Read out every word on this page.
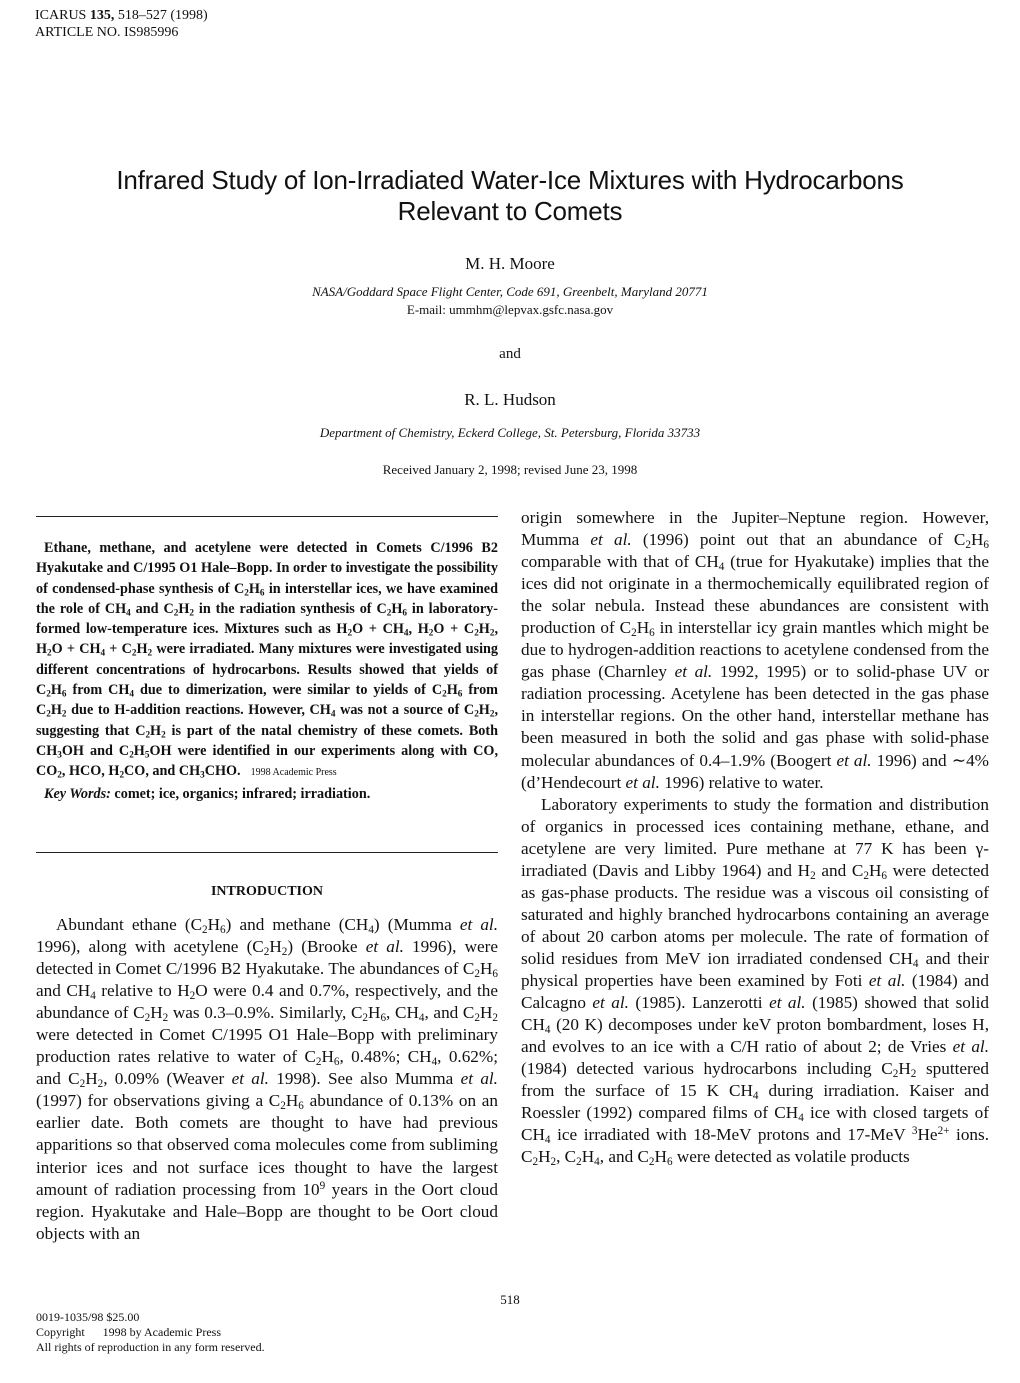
ICARUS 135, 518–527 (1998)
ARTICLE NO. IS985996
Infrared Study of Ion-Irradiated Water-Ice Mixtures with Hydrocarbons
Relevant to Comets
M. H. Moore
NASA/Goddard Space Flight Center, Code 691, Greenbelt, Maryland 20771
E-mail: ummhm@lepvax.gsfc.nasa.gov
and
R. L. Hudson
Department of Chemistry, Eckerd College, St. Petersburg, Florida 33733
Received January 2, 1998; revised June 23, 1998

Ethane, methane, and acetylene were detected in Comets C/1996 B2 Hyakutake and C/1995 O1 Hale–Bopp. In order to investigate the possibility of condensed-phase synthesis of $C_2H_6$ in interstellar ices, we have examined the role of $CH_4$ and $C_2H_2$ in the radiation synthesis of $C_2H_6$ in laboratory-formed low-temperature ices. Mixtures such as $H_2O + CH_4$, $H_2O + C_2H_2$, $H_2O + CH_4 + C_2H_2$ were irradiated. Many mixtures were investigated using different concentrations of hydrocarbons. Results showed that yields of $C_2H_6$ from $CH_4$ due to dimerization, were similar to yields of $C_2H_6$ from $C_2H_2$ due to H-addition reactions. However, $CH_4$ was not a source of $C_2H_2$, suggesting that $C_2H_2$ is part of the natal chemistry of these comets. Both $CH_3OH$ and $C_2H_5OH$ were identified in our experiments along with CO, $CO_2$, HCO, $H_2CO$, and $CH_3CHO$. 1998 Academic Press

Key Words: comet; ice, organics; infrared; irradiation.

INTRODUCTION

Abundant ethane $(C_2H_6)$ and methane $(CH_4)$ (Mumma et al. 1996), along with acetylene $(C_2H_2)$ (Brooke et al. 1996), were detected in Comet C/1996 B2 Hyakutake. The abundances of $C_2H_6$ and $CH_4$ relative to $H_2O$ were 0.4 and 0.7%, respectively, and the abundance of $C_2H_2$ was 0.3–0.9%. Similarly, $C_2H_6$, $CH_4$, and $C_2H_2$ were detected in Comet C/1995 O1 Hale–Bopp with preliminary production rates relative to water of $C_2H_6$, 0.48%; $CH_4$, 0.62%; and $C_2H_2$, 0.09% (Weaver et al. 1998). See also Mumma et al. (1997) for observations giving a $C_2H_6$ abundance of 0.13% on an earlier date. Both comets are thought to have had previous apparitions so that observed coma molecules come from subliming interior ices and not surface ices thought to have the largest amount of radiation processing from $10^9$ years in the Oort cloud region. Hyakutake and Hale–Bopp are thought to be Oort cloud objects with an

origin somewhere in the Jupiter–Neptune region. However, Mumma et al. (1996) point out that an abundance of $C_2H_6$ comparable with that of $CH_4$ (true for Hyakutake) implies that the ices did not originate in a thermochemically equilibrated region of the solar nebula. Instead these abundances are consistent with production of $C_2H_6$ in interstellar icy grain mantles which might be due to hydrogen-addition reactions to acetylene condensed from the gas phase (Charnley et al. 1992, 1995) or to solid-phase UV or radiation processing. Acetylene has been detected in the gas phase in interstellar regions. On the other hand, interstellar methane has been measured in both the solid and gas phase with solid-phase molecular abundances of 0.4–1.9% (Boogert et al. 1996) and ∼4% (d’Hendecourt et al. 1996) relative to water.

Laboratory experiments to study the formation and distribution of organics in processed ices containing methane, ethane, and acetylene are very limited. Pure methane at 77 K has been γ-irradiated (Davis and Libby 1964) and $H_2$ and $C_2H_6$ were detected as gas-phase products. The residue was a viscous oil consisting of saturated and highly branched hydrocarbons containing an average of about 20 carbon atoms per molecule. The rate of formation of solid residues from MeV ion irradiated condensed $CH_4$ and their physical properties have been examined by Foti et al. (1984) and Calcagno et al. (1985). Lanzerotti et al. (1985) showed that solid $CH_4$ (20 K) decomposes under keV proton bombardment, loses H, and evolves to an ice with a C/H ratio of about 2; de Vries et al. (1984) detected various hydrocarbons including $C_2H_2$ sputtered from the surface of 15 K $CH_4$ during irradiation. Kaiser and Roessler (1992) compared films of $CH_4$ ice with closed targets of $CH_4$ ice irradiated with 18-MeV protons and 17-MeV $^3He^{2+}$ ions. $C_2H_2$, $C_2H_4$, and $C_2H_6$ were detected as volatile products

518
0019-1035/98 $25.00
Copyright 1998 by Academic Press
All rights of reproduction in any form reserved.
